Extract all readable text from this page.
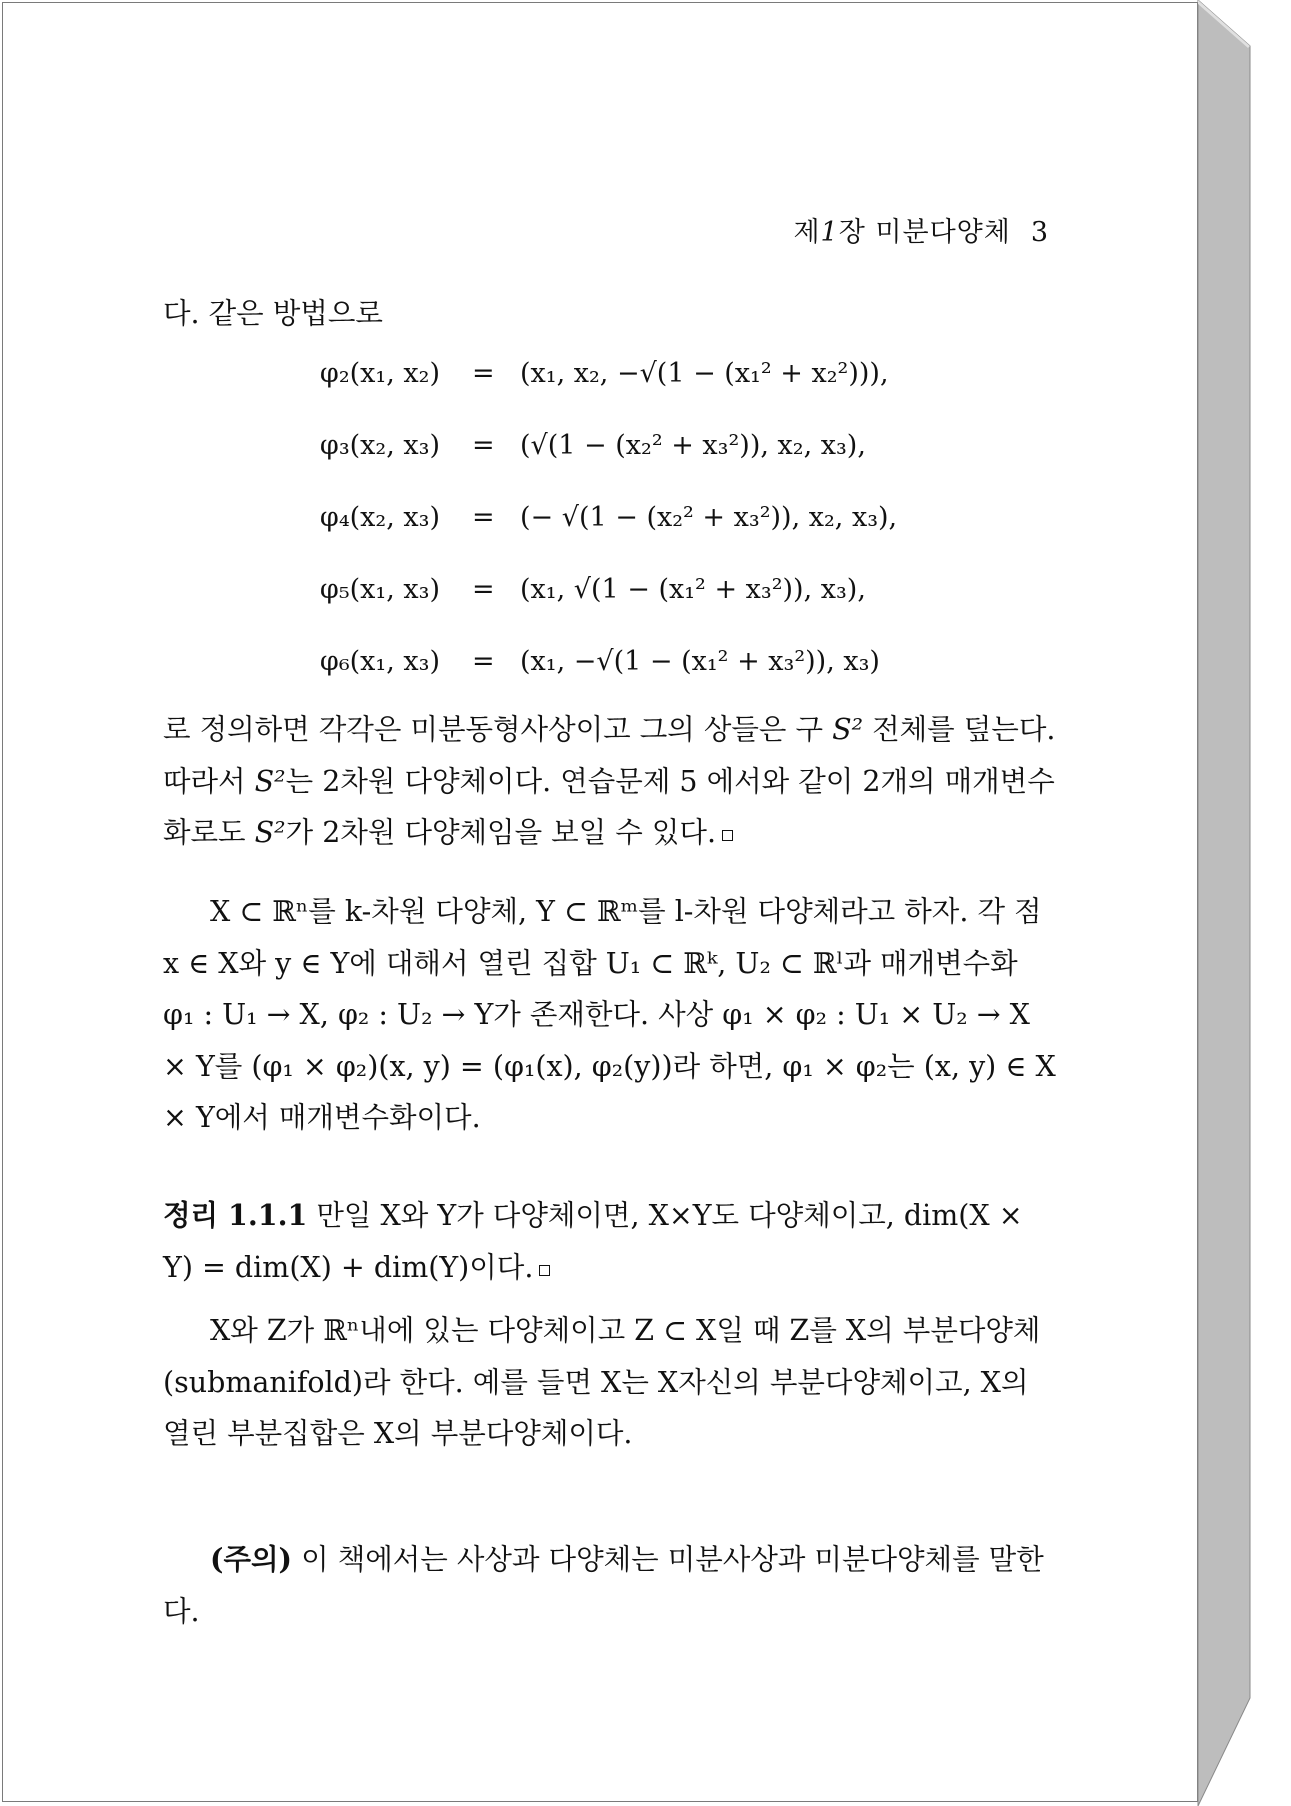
제1장 미분다양체 3
다. 같은 방법으로
φ₂(x₁, x₂) = (x₁, x₂, −√(1 − (x₁² + x₂²))),
φ₃(x₂, x₃) = (√(1 − (x₂² + x₃²)), x₂, x₃),
φ₄(x₂, x₃) = (− √(1 − (x₂² + x₃²)), x₂, x₃),
φ₅(x₁, x₃) = (x₁, √(1 − (x₁² + x₃²)), x₃),
φ₆(x₁, x₃) = (x₁, −√(1 − (x₁² + x₃²)), x₃)
로 정의하면 각각은 미분동형사상이고 그의 상들은 구 S² 전체를 덮는다. 따라서 S²는 2차원 다양체이다. 연습문제 5 에서와 같이 2개의 매개변수화로도 S²가 2차원 다양체임을 보일 수 있다.
X ⊂ ℝⁿ를 k-차원 다양체, Y ⊂ ℝᵐ를 l-차원 다양체라고 하자. 각 점 x ∈ X와 y ∈ Y에 대해서 열린 집합 U₁ ⊂ ℝᵏ, U₂ ⊂ ℝˡ과 매개변수화 φ₁ : U₁ → X, φ₂ : U₂ → Y가 존재한다. 사상 φ₁ × φ₂ : U₁ × U₂ → X × Y를 (φ₁ × φ₂)(x, y) = (φ₁(x), φ₂(y))라 하면, φ₁ × φ₂는 (x, y) ∈ X × Y에서 매개변수화이다.
정리 1.1.1 만일 X와 Y가 다양체이면, X×Y도 다양체이고, dim(X × Y) = dim(X) + dim(Y)이다.
X와 Z가 ℝⁿ내에 있는 다양체이고 Z ⊂ X일 때 Z를 X의 부분다양체(submanifold)라 한다. 예를 들면 X는 X자신의 부분다양체이고, X의 열린 부분집합은 X의 부분다양체이다.
(주의) 이 책에서는 사상과 다양체는 미분사상과 미분다양체를 말한다.
